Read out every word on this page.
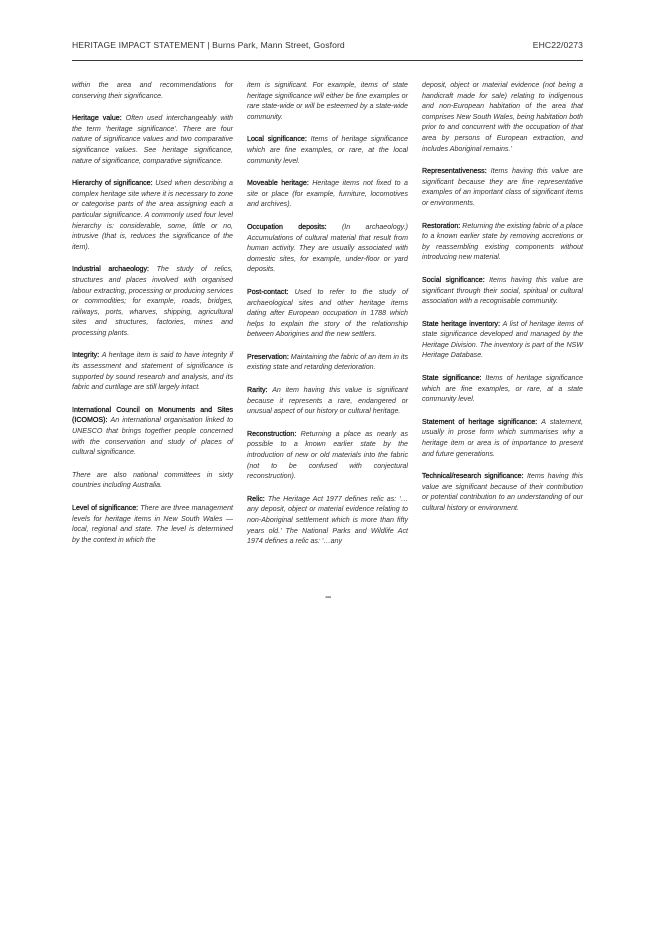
HERITAGE IMPACT STATEMENT | Burns Park, Mann Street, Gosford	EHC22/0273

within the area and recommendations for conserving their significance.

Heritage value: Often used interchangeably with the term ‘heritage significance’. There are four nature of significance values and two comparative significance values. See heritage significance, nature of significance, comparative significance.

Hierarchy of significance: Used when describing a complex heritage site where it is necessary to zone or categorise parts of the area assigning each a particular significance. A commonly used four level hierarchy is: considerable, some, little or no, intrusive (that is, reduces the significance of the item).

Industrial archaeology: The study of relics, structures and places involved with organised labour extracting, processing or producing services or commodities; for example, roads, bridges, railways, ports, wharves, shipping, agricultural sites and structures, factories, mines and processing plants.

Integrity: A heritage item is said to have integrity if its assessment and statement of significance is supported by sound research and analysis, and its fabric and curtilage are still largely intact.

International Council on Monuments and Sites (ICOMOS): An international organisation linked to UNESCO that brings together people concerned with the conservation and study of places of cultural significance.

There are also national committees in sixty countries including Australia.

Level of significance: There are three management levels for heritage items in New South Wales — local, regional and state. The level is determined by the context in which the

item is significant. For example, items of state heritage significance will either be fine examples or rare state-wide or will be esteemed by a state-wide community.

Local significance: Items of heritage significance which are fine examples, or rare, at the local community level.

Moveable heritage: Heritage items not fixed to a site or place (for example, furniture, locomotives and archives).

Occupation deposits: (In archaeology.) Accumulations of cultural material that result from human activity. They are usually associated with domestic sites, for example, under-floor or yard deposits.

Post-contact: Used to refer to the study of archaeological sites and other heritage items dating after European occupation in 1788 which helps to explain the story of the relationship between Aborigines and the new settlers.

Preservation: Maintaining the fabric of an item in its existing state and retarding deterioration.

Rarity: An item having this value is significant because it represents a rare, endangered or unusual aspect of our history or cultural heritage.

Reconstruction: Returning a place as nearly as possible to a known earlier state by the introduction of new or old materials into the fabric (not to be confused with conjectural reconstruction).

Relic: The Heritage Act 1977 defines relic as: ‘…any deposit, object or material evidence relating to non-Aboriginal settlement which is more than fifty years old.’ The National Parks and Wildlife Act 1974 defines a relic as: ‘…any

deposit, object or material evidence (not being a handicraft made for sale) relating to indigenous and non-European habitation of the area that comprises New South Wales, being habitation both prior to and concurrent with the occupation of that area by persons of European extraction, and includes Aboriginal remains.’

Representativeness: Items having this value are significant because they are fine representative examples of an important class of significant items or environments.

Restoration: Returning the existing fabric of a place to a known earlier state by removing accretions or by reassembling existing components without introducing new material.

Social significance: Items having this value are significant through their social, spiritual or cultural association with a recognisable community.

State heritage inventory: A list of heritage items of state significance developed and managed by the Heritage Division. The inventory is part of the NSW Heritage Database.

State significance: Items of heritage significance which are fine examples, or rare, at a state community level.

Statement of heritage significance: A statement, usually in prose form which summarises why a heritage item or area is of importance to present and future generations.

Technical/research significance: Items having this value are significant because of their contribution or potential contribution to an understanding of our cultural history or environment.

---
